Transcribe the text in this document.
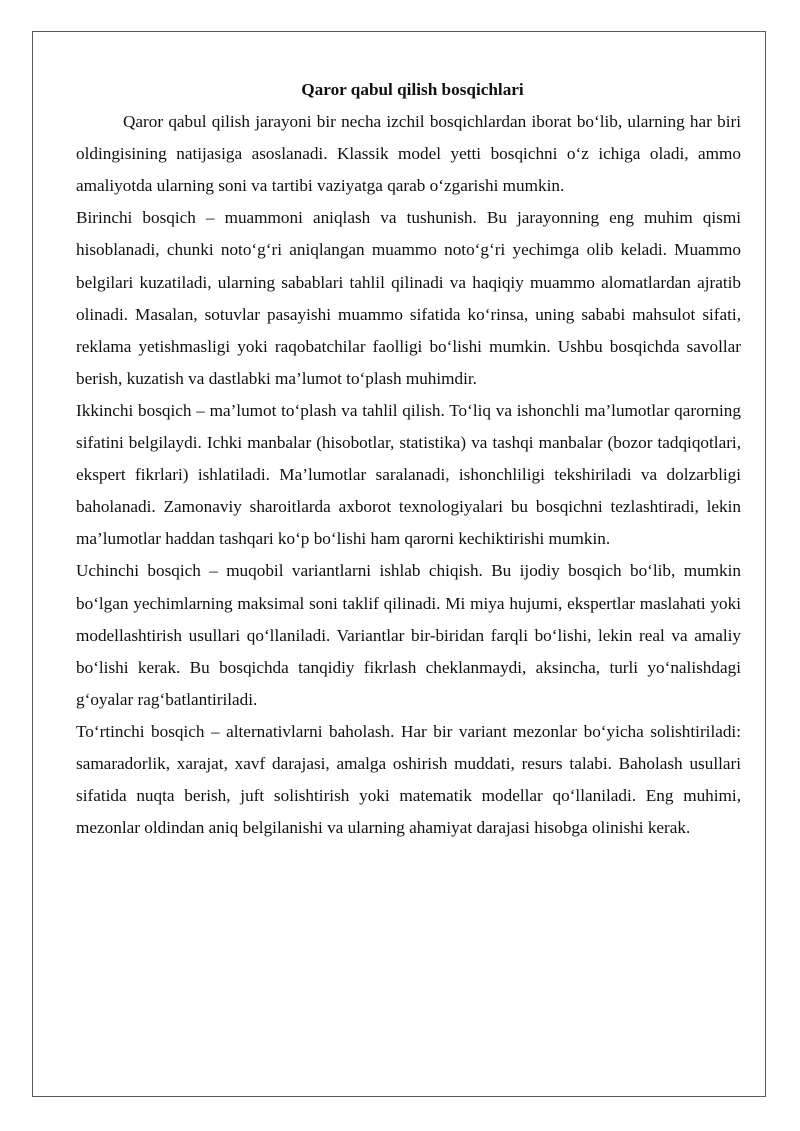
Qaror qabul qilish bosqichlari

Qaror qabul qilish jarayoni bir necha izchil bosqichlardan iborat bo‘lib, ularning har biri oldingisining natijasiga asoslanadi. Klassik model yetti bosqichni o‘z ichiga oladi, ammo amaliyotda ularning soni va tartibi vaziyatga qarab o‘zgarishi mumkin.

Birinchi bosqich – muammoni aniqlash va tushunish. Bu jarayonning eng muhim qismi hisoblanadi, chunki noto‘g‘ri aniqlangan muammo noto‘g‘ri yechimga olib keladi. Muammo belgilari kuzatiladi, ularning sabablari tahlil qilinadi va haqiqiy muammo alomatlardan ajratib olinadi. Masalan, sotuvlar pasayishi muammo sifatida ko‘rinsa, uning sababi mahsulot sifati, reklama yetishmasligi yoki raqobatchilar faolligi bo‘lishi mumkin. Ushbu bosqichda savollar berish, kuzatish va dastlabki ma’lumot to‘plash muhimdir.

Ikkinchi bosqich – ma’lumot to‘plash va tahlil qilish. To‘liq va ishonchli ma’lumotlar qarorning sifatini belgilaydi. Ichki manbalar (hisobotlar, statistika) va tashqi manbalar (bozor tadqiqotlari, ekspert fikrlari) ishlatiladi. Ma’lumotlar saralanadi, ishonchliligi tekshiriladi va dolzarbligi baholanadi. Zamonaviy sharoitlarda axborot texnologiyalari bu bosqichni tezlashtiradi, lekin ma’lumotlar haddan tashqari ko‘p bo‘lishi ham qarorni kechiktirishi mumkin.

Uchinchi bosqich – muqobil variantlarni ishlab chiqish. Bu ijodiy bosqich bo‘lib, mumkin bo‘lgan yechimlarning maksimal soni taklif qilinadi. Mi miya hujumi, ekspertlar maslahati yoki modellashtirish usullari qo‘llaniladi. Variantlar bir-biridan farqli bo‘lishi, lekin real va amaliy bo‘lishi kerak. Bu bosqichda tanqidiy fikrlash cheklanmaydi, aksincha, turli yo‘nalishdagi g‘oyalar rag‘batlantiriladi.

To‘rtinchi bosqich – alternativlarni baholash. Har bir variant mezonlar bo‘yicha solishtiriladi: samaradorlik, xarajat, xavf darajasi, amalga oshirish muddati, resurs talabi. Baholash usullari sifatida nuqta berish, juft solishtirish yoki matematik modellar qo‘llaniladi. Eng muhimi, mezonlar oldindan aniq belgilanishi va ularning ahamiyat darajasi hisobga olinishi kerak.
